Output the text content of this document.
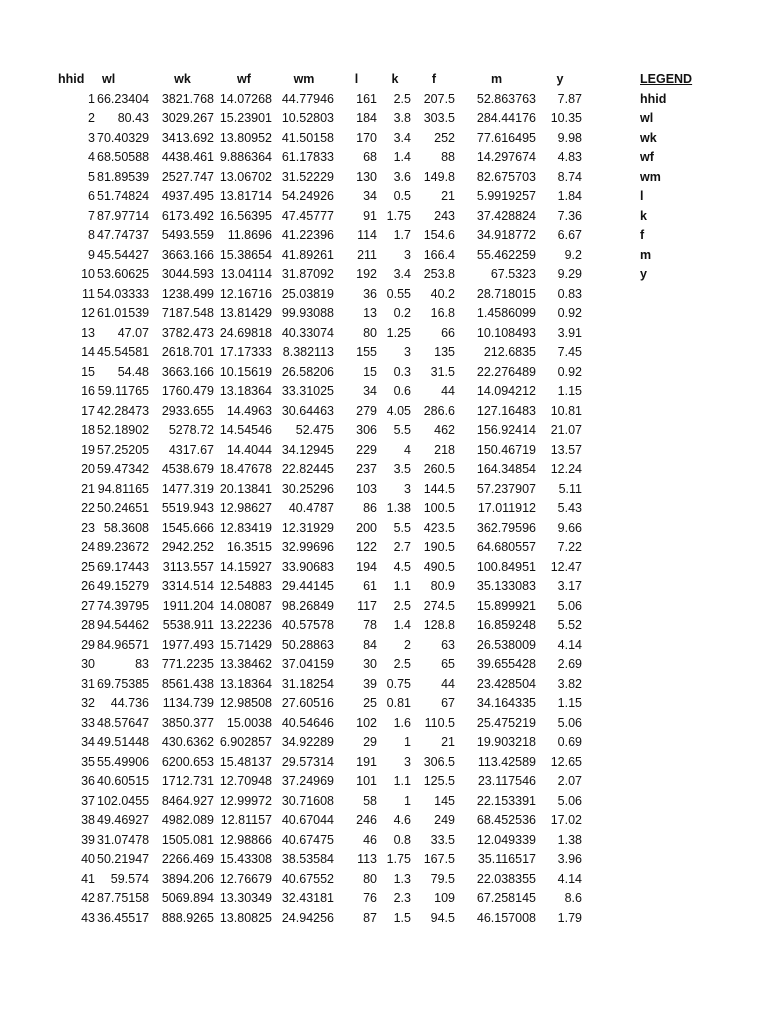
hhid	wl	wk	wf	wm	l	k	f	m	y
1	66.23404	3821.768	14.07268	44.77946	161	2.5	207.5	52.863763	7.87
2	80.43	3029.267	15.23901	10.52803	184	3.8	303.5	284.44176	10.35
3	70.40329	3413.692	13.80952	41.50158	170	3.4	252	77.616495	9.98
4	68.50588	4438.461	9.886364	61.17833	68	1.4	88	14.297674	4.83
5	81.89539	2527.747	13.06702	31.52229	130	3.6	149.8	82.675703	8.74
6	51.74824	4937.495	13.81714	54.24926	34	0.5	21	5.9919257	1.84
7	87.97714	6173.492	16.56395	47.45777	91	1.75	243	37.428824	7.36
8	47.74737	5493.559	11.8696	41.22396	114	1.7	154.6	34.918772	6.67
9	45.54427	3663.166	15.38654	41.89261	211	3	166.4	55.462259	9.2
10	53.60625	3044.593	13.04114	31.87092	192	3.4	253.8	67.5323	9.29
11	54.03333	1238.499	12.16716	25.03819	36	0.55	40.2	28.718015	0.83
12	61.01539	7187.548	13.81429	99.93088	13	0.2	16.8	1.4586099	0.92
13	47.07	3782.473	24.69818	40.33074	80	1.25	66	10.108493	3.91
14	45.54581	2618.701	17.17333	8.382113	155	3	135	212.6835	7.45
15	54.48	3663.166	10.15619	26.58206	15	0.3	31.5	22.276489	0.92
16	59.11765	1760.479	13.18364	33.31025	34	0.6	44	14.094212	1.15
17	42.28473	2933.655	14.4963	30.64463	279	4.05	286.6	127.16483	10.81
18	52.18902	5278.72	14.54546	52.475	306	5.5	462	156.92414	21.07
19	57.25205	4317.67	14.4044	34.12945	229	4	218	150.46719	13.57
20	59.47342	4538.679	18.47678	22.82445	237	3.5	260.5	164.34854	12.24
21	94.81165	1477.319	20.13841	30.25296	103	3	144.5	57.237907	5.11
22	50.24651	5519.943	12.98627	40.4787	86	1.38	100.5	17.011912	5.43
23	58.3608	1545.666	12.83419	12.31929	200	5.5	423.5	362.79596	9.66
24	89.23672	2942.252	16.3515	32.99696	122	2.7	190.5	64.680557	7.22
25	69.17443	3113.557	14.15927	33.90683	194	4.5	490.5	100.84951	12.47
26	49.15279	3314.514	12.54883	29.44145	61	1.1	80.9	35.133083	3.17
27	74.39795	1911.204	14.08087	98.26849	117	2.5	274.5	15.899921	5.06
28	94.54462	5538.911	13.22236	40.57578	78	1.4	128.8	16.859248	5.52
29	84.96571	1977.493	15.71429	50.28863	84	2	63	26.538009	4.14
30	83	771.2235	13.38462	37.04159	30	2.5	65	39.655428	2.69
31	69.75385	8561.438	13.18364	31.18254	39	0.75	44	23.428504	3.82
32	44.736	1134.739	12.98508	27.60516	25	0.81	67	34.164335	1.15
33	48.57647	3850.377	15.0038	40.54646	102	1.6	110.5	25.475219	5.06
34	49.51448	430.6362	6.902857	34.92289	29	1	21	19.903218	0.69
35	55.49906	6200.653	15.48137	29.57314	191	3	306.5	113.42589	12.65
36	40.60515	1712.731	12.70948	37.24969	101	1.1	125.5	23.117546	2.07
37	102.0455	8464.927	12.99972	30.71608	58	1	145	22.153391	5.06
38	49.46927	4982.089	12.81157	40.67044	246	4.6	249	68.452536	17.02
39	31.07478	1505.081	12.98866	40.67475	46	0.8	33.5	12.049339	1.38
40	50.21947	2266.469	15.43308	38.53584	113	1.75	167.5	35.116517	3.96
41	59.574	3894.206	12.76679	40.67552	80	1.3	79.5	22.038355	4.14
42	87.75158	5069.894	13.30349	32.43181	76	2.3	109	67.258145	8.6
43	36.45517	888.9265	13.80825	24.94256	87	1.5	94.5	46.157008	1.79
LEGEND
hhid
wl
wk
wf
wm
l
k
f
m
y
